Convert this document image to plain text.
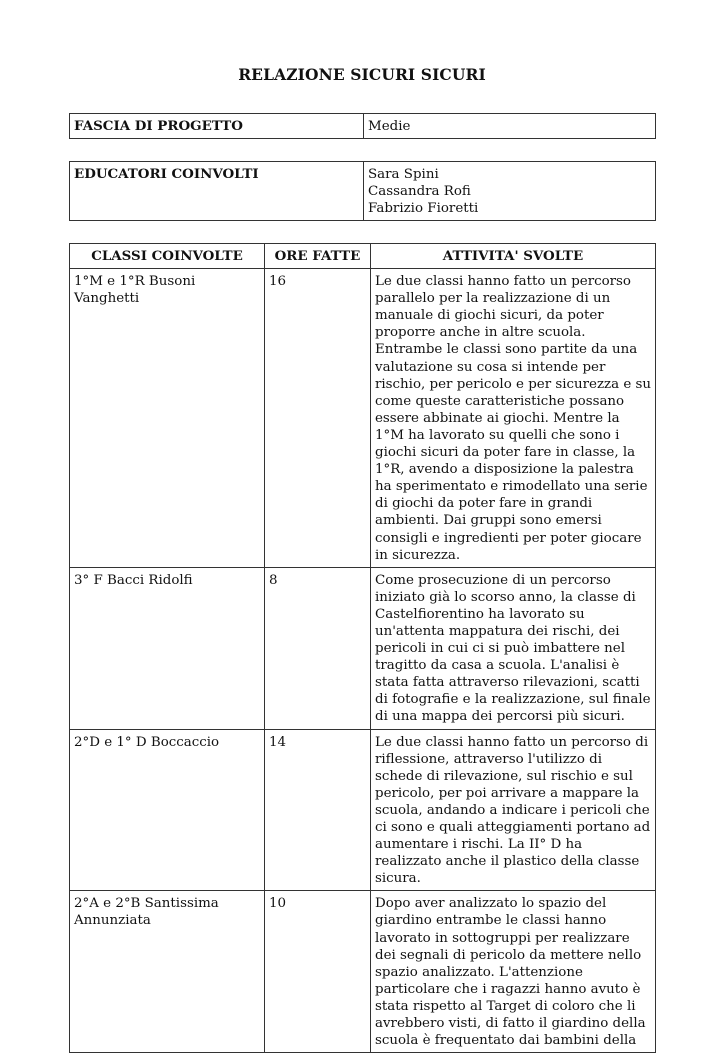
RELAZIONE SICURI SICURI
FASCIA DI PROGETTO	Medie
EDUCATORI COINVOLTI	Sara Spini
Cassandra Rofi
Fabrizio Fioretti
CLASSI COINVOLTE	ORE FATTE	ATTIVITA' SVOLTE
1°M e 1°R Busoni Vanghetti	16	Le due classi hanno fatto un percorso parallelo per la realizzazione di un manuale di giochi sicuri, da poter proporre anche in altre scuola. Entrambe le classi sono partite da una valutazione su cosa si intende per rischio, per pericolo e per sicurezza e su come queste caratteristiche possano essere abbinate ai giochi. Mentre la 1°M ha lavorato su quelli che sono i giochi sicuri da poter fare in classe, la 1°R, avendo a disposizione la palestra ha sperimentato e rimodellato una serie di giochi da poter fare in grandi ambienti. Dai gruppi sono emersi consigli e ingredienti per poter giocare in sicurezza.
3° F Bacci Ridolfi	8	Come prosecuzione di un percorso iniziato già lo scorso anno, la classe di Castelfiorentino ha lavorato su un'attenta mappatura dei rischi, dei pericoli in cui ci si può imbattere nel tragitto da casa a scuola. L'analisi è stata fatta attraverso rilevazioni, scatti di fotografie e la realizzazione, sul finale di una mappa dei percorsi più sicuri.
2°D e 1° D Boccaccio	14	Le due classi hanno fatto un percorso di riflessione, attraverso l'utilizzo di schede di rilevazione, sul rischio e sul pericolo, per poi arrivare a mappare la scuola, andando a indicare i pericoli che ci sono e quali atteggiamenti portano ad aumentare i rischi. La II° D ha realizzato anche il plastico della classe sicura.
2°A e 2°B Santissima Annunziata	10	Dopo aver analizzato lo spazio del giardino entrambe le classi hanno lavorato in sottogruppi per realizzare dei segnali di pericolo da mettere nello spazio analizzato. L'attenzione particolare che i ragazzi hanno avuto è stata rispetto al Target di coloro che li avrebbero visti, di fatto il giardino della scuola è frequentato dai bambini della
